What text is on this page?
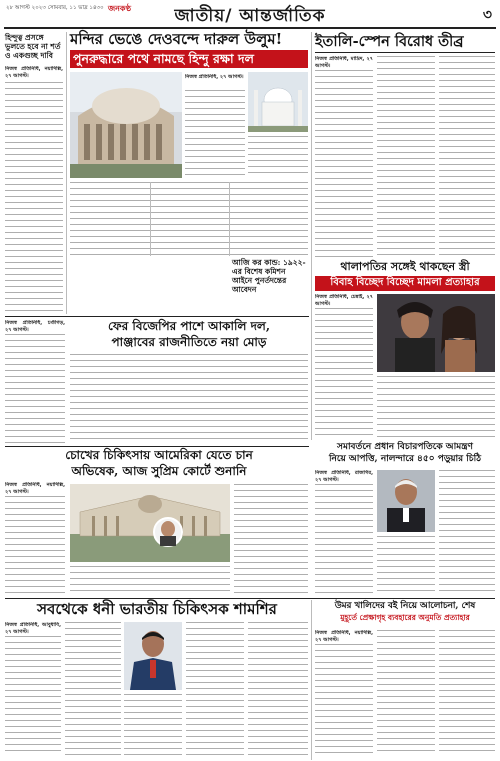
২৮ আগস্ট ২০২৩ সোমবার, ১১ ভাদ্র ১৪৩০ জনকণ্ঠ	জাতীয়/ আন্তর্জাতিক	৩
হিন্দুত্ব প্রসঙ্গে ভুলতে হবে না শর্ত ও একগুচ্ছ দাবি
নিজস্ব প্রতিনিধি, নয়াদিল্লি, ২৭ আগস্ট।
মন্দির ভেঙে দেওবন্দে দারুল উলুম!
পুনরুদ্ধারে পথে নামছে হিন্দু রক্ষা দল
নিজস্ব প্রতিনিধি, ২৭ আগস্ট।
ইতালি-স্পেন বিরোধ তীব্র
নিজস্ব প্রতিনিধি, মাদ্রিদ, ২৭ আগস্ট।
ফের বিজেপির পাশে আকালি দল,
পাঞ্জাবের রাজনীতিতে নয়া মোড়
নিজস্ব প্রতিনিধি, চণ্ডীগড়, ২৭ আগস্ট।
আজি কর কান্ড: ১৯২২-এর বিশেষ কমিশন আইনে পুনর্তদন্তের আবেদন
থালাপতির সঙ্গেই থাকছেন স্ত্রী
বিবাহ বিচ্ছেদ বিচ্ছেদ মামলা প্রত্যাহার
নিজস্ব প্রতিনিধি, চেন্নাই, ২৭ আগস্ট।
চোখের চিকিৎসায় আমেরিকা যেতে চান
অভিষেক, আজ সুপ্রিম কোর্টে শুনানি
নিজস্ব প্রতিনিধি, নয়াদিল্লি, ২৭ আগস্ট।
সমাবর্তনে প্রধান বিচারপতিকে আমন্ত্রণ
নিয়ে আপত্তি, নালন্দারে ৪৫০ পড়ুয়ার চিঠি
নিজস্ব প্রতিনিধি, রাজগির, ২৭ আগস্ট।
সবথেকে ধনী ভারতীয় চিকিৎসক শামশির
নিজস্ব প্রতিনিধি, আবুধাবি, ২৭ আগস্ট।
উমর খালিদের বই নিয়ে আলোচনা, শেষ
মুহূর্তে প্রেক্ষাগৃহ ব্যবহারের অনুমতি প্রত্যাহার
নিজস্ব প্রতিনিধি, নয়াদিল্লি, ২৭ আগস্ট।
